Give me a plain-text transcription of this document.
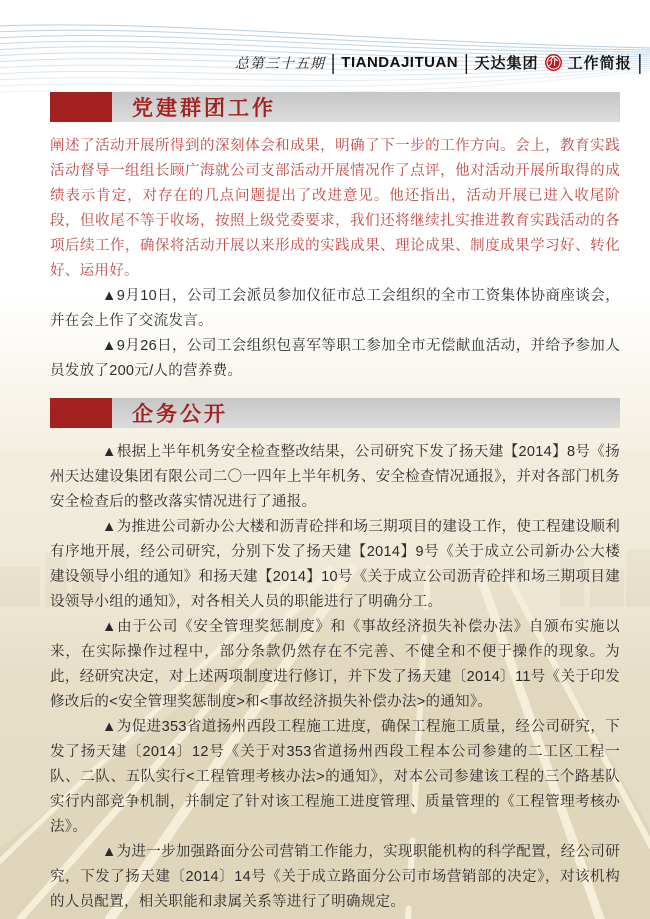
总第三十五期 | TIANDAJITUAN | 天达集团 介 工作简报 |
党建群团工作

阐述了活动开展所得到的深刻体会和成果，明确了下一步的工作方向。会上，教育实践活动督导一组组长顾广海就公司支部活动开展情况作了点评，他对活动开展所取得的成绩表示肯定，对存在的几点问题提出了改进意见。他还指出，活动开展已进入收尾阶段，但收尾不等于收场，按照上级党委要求，我们还将继续扎实推进教育实践活动的各项后续工作，确保将活动开展以来形成的实践成果、理论成果、制度成果学习好、转化好、运用好。

▲9月10日，公司工会派员参加仪征市总工会组织的全市工资集体协商座谈会，并在会上作了交流发言。

▲9月26日，公司工会组织包喜军等职工参加全市无偿献血活动，并给予参加人员发放了200元/人的营养费。

企务公开

▲根据上半年机务安全检查整改结果，公司研究下发了扬天建【2014】8号《扬州天达建设集团有限公司二〇一四年上半年机务、安全检查情况通报》，并对各部门机务安全检查后的整改落实情况进行了通报。

▲为推进公司新办公大楼和沥青砼拌和场三期项目的建设工作，使工程建设顺利有序地开展，经公司研究，分别下发了扬天建【2014】9号《关于成立公司新办公大楼建设领导小组的通知》和扬天建【2014】10号《关于成立公司沥青砼拌和场三期项目建设领导小组的通知》，对各相关人员的职能进行了明确分工。

▲由于公司《安全管理奖惩制度》和《事故经济损失补偿办法》自颁布实施以来，在实际操作过程中，部分条款仍然存在不完善、不健全和不便于操作的现象。为此，经研究决定，对上述两项制度进行修订，并下发了扬天建〔2014〕11号《关于印发修改后的<安全管理奖惩制度>和<事故经济损失补偿办法>的通知》。

▲为促进353省道扬州西段工程施工进度，确保工程施工质量，经公司研究，下发了扬天建〔2014〕12号《关于对353省道扬州西段工程本公司参建的二工区工程一队、二队、五队实行<工程管理考核办法>的通知》，对本公司参建该工程的三个路基队实行内部竞争机制，并制定了针对该工程施工进度管理、质量管理的《工程管理考核办法》。

▲为进一步加强路面分公司营销工作能力，实现职能机构的科学配置，经公司研究，下发了扬天建〔2014〕14号《关于成立路面分公司市场营销部的决定》，对该机构的人员配置，相关职能和隶属关系等进行了明确规定。
